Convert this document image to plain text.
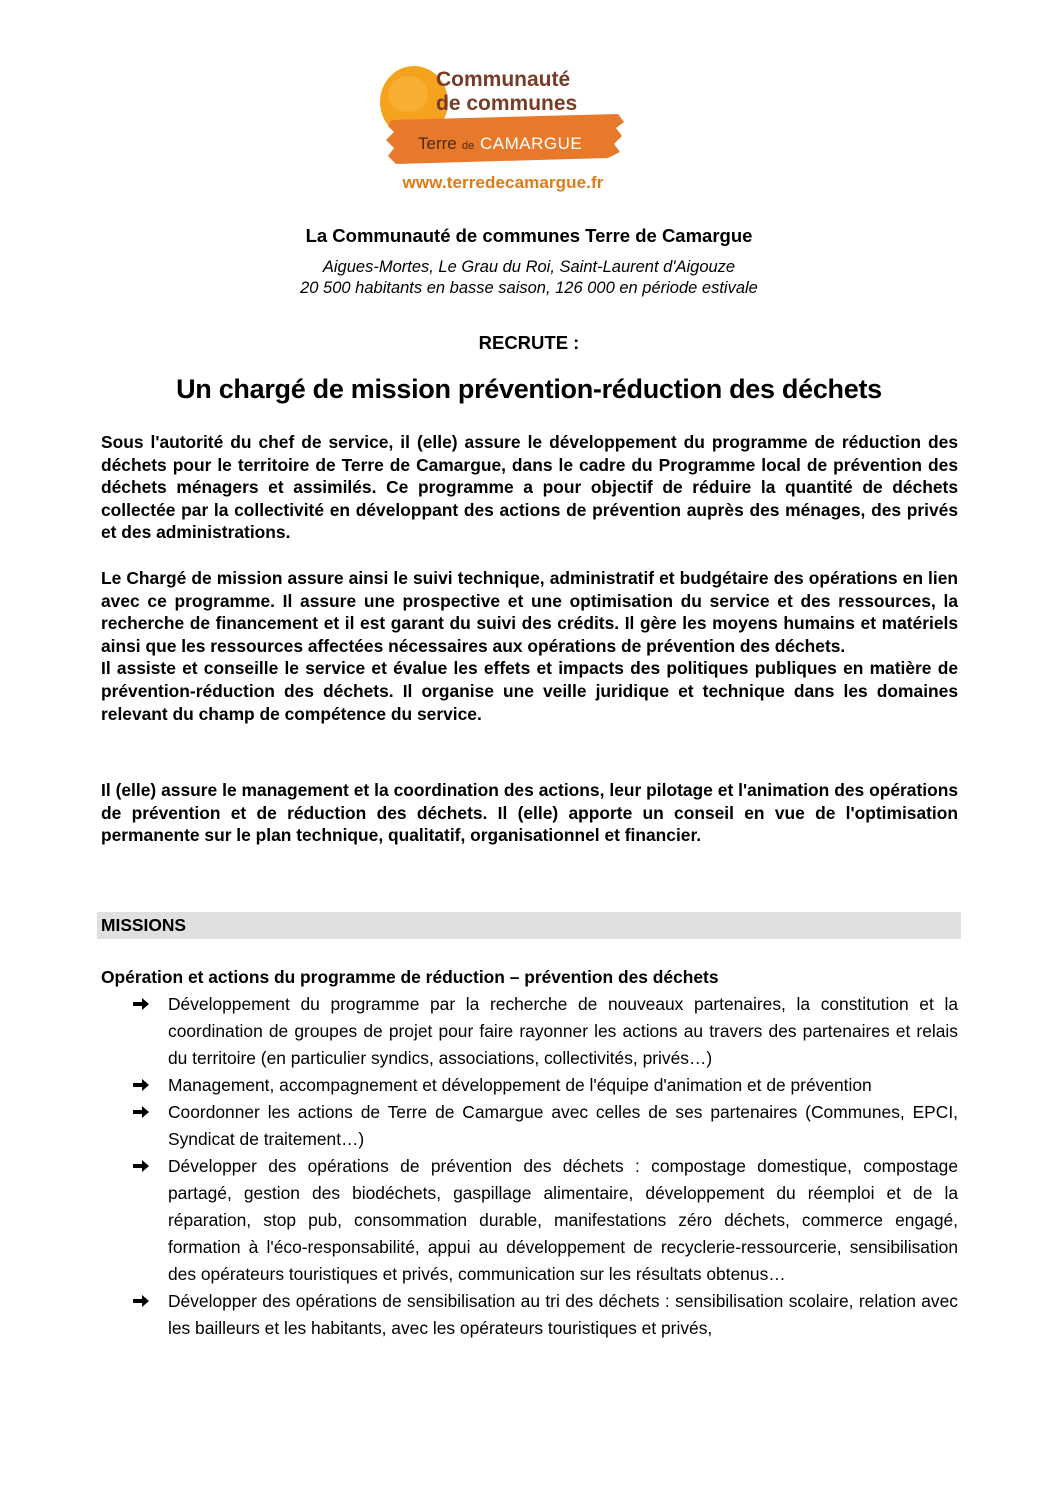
Communauté
de communes
Terre de CAMARGUE
www.terredecamargue.fr
La Communauté de communes Terre de Camargue
Aigues-Mortes, Le Grau du Roi, Saint-Laurent d'Aigouze
20 500 habitants en basse saison, 126 000 en période estivale
RECRUTE :
Un chargé de mission prévention-réduction des déchets
Sous l'autorité du chef de service, il (elle) assure le développement du programme de réduction des déchets pour le territoire de Terre de Camargue, dans le cadre du Programme local de prévention des déchets ménagers et assimilés. Ce programme a pour objectif de réduire la quantité de déchets collectée par la collectivité en développant des actions de prévention auprès des ménages, des privés et des administrations.
Le Chargé de mission assure ainsi le suivi technique, administratif et budgétaire des opérations en lien avec ce programme. Il assure une prospective et une optimisation du service et des ressources, la recherche de financement et il est garant du suivi des crédits. Il gère les moyens humains et matériels ainsi que les ressources affectées nécessaires aux opérations de prévention des déchets.
Il assiste et conseille le service et évalue les effets et impacts des politiques publiques en matière de prévention-réduction des déchets. Il organise une veille juridique et technique dans les domaines relevant du champ de compétence du service.
Il (elle) assure le management et la coordination des actions, leur pilotage et l'animation des opérations de prévention et de réduction des déchets. Il (elle) apporte un conseil en vue de l'optimisation permanente sur le plan technique, qualitatif, organisationnel et financier.
MISSIONS
Opération et actions du programme de réduction – prévention des déchets
Développement du programme par la recherche de nouveaux partenaires, la constitution et la coordination de groupes de projet pour faire rayonner les actions au travers des partenaires et relais du territoire (en particulier syndics, associations, collectivités, privés…)
Management, accompagnement et développement de l'équipe d'animation et de prévention
Coordonner les actions de Terre de Camargue avec celles de ses partenaires (Communes, EPCI, Syndicat de traitement…)
Développer des opérations de prévention des déchets : compostage domestique, compostage partagé, gestion des biodéchets, gaspillage alimentaire, développement du réemploi et de la réparation, stop pub, consommation durable, manifestations zéro déchets, commerce engagé, formation à l'éco-responsabilité, appui au développement de recyclerie-ressourcerie, sensibilisation des opérateurs touristiques et privés, communication sur les résultats obtenus…
Développer des opérations de sensibilisation au tri des déchets : sensibilisation scolaire, relation avec les bailleurs et les habitants, avec les opérateurs touristiques et privés,
